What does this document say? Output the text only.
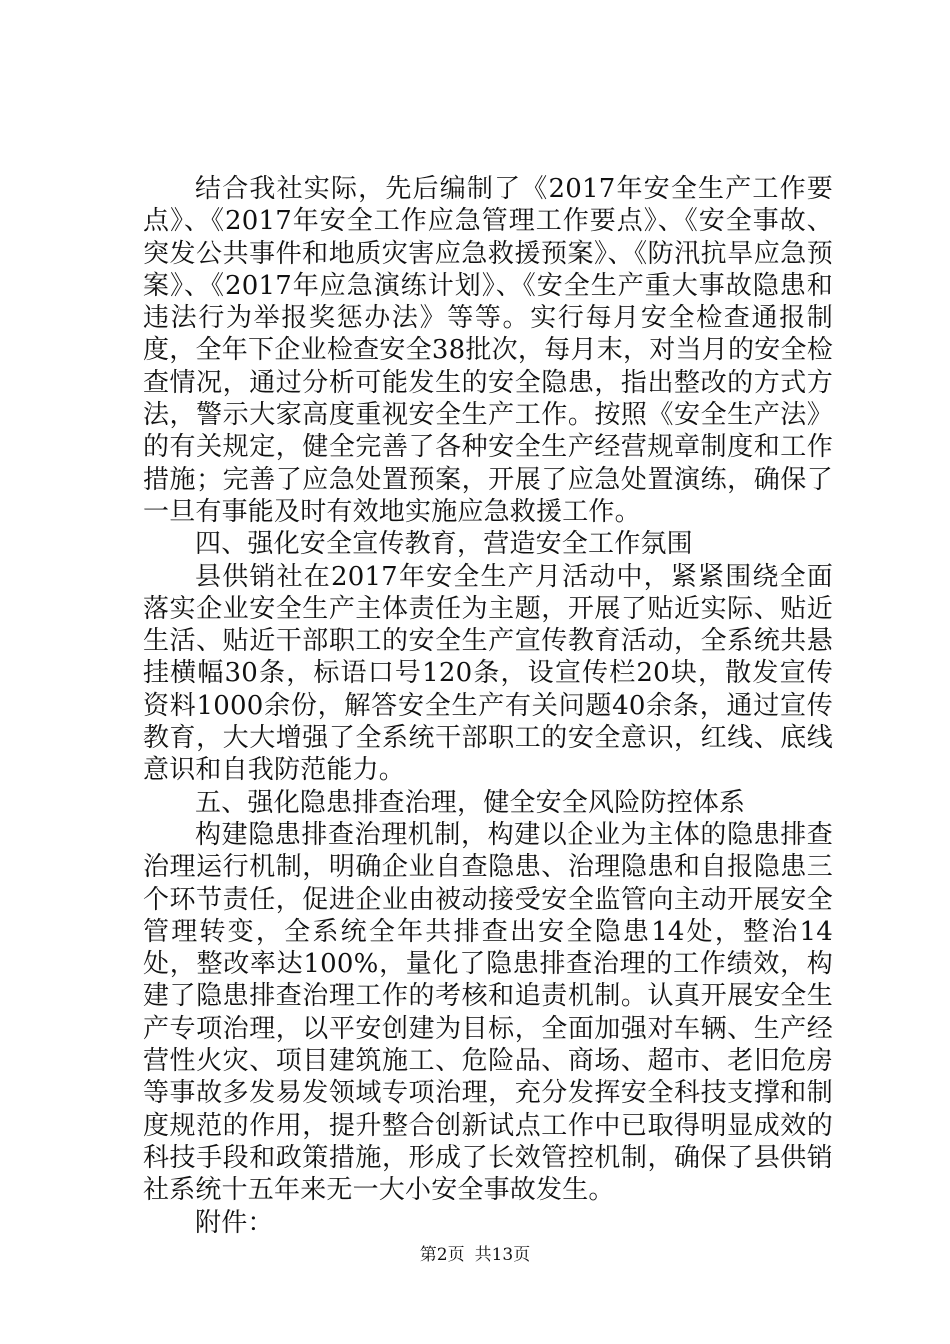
结合我社实际，先后编制了《2017年安全生产工作要点》、《2017年安全工作应急管理工作要点》、《安全事故、突发公共事件和地质灾害应急救援预案》、《防汛抗旱应急预案》、《2017年应急演练计划》、《安全生产重大事故隐患和违法行为举报奖惩办法》等等。实行每月安全检查通报制度，全年下企业检查安全38批次，每月末，对当月的安全检查情况，通过分析可能发生的安全隐患，指出整改的方式方法，警示大家高度重视安全生产工作。按照《安全生产法》的有关规定，健全完善了各种安全生产经营规章制度和工作措施；完善了应急处置预案，开展了应急处置演练，确保了一旦有事能及时有效地实施应急救援工作。

四、强化安全宣传教育，营造安全工作氛围

县供销社在2017年安全生产月活动中，紧紧围绕全面落实企业安全生产主体责任为主题，开展了贴近实际、贴近生活、贴近干部职工的安全生产宣传教育活动，全系统共悬挂横幅30条，标语口号120条，设宣传栏20块，散发宣传资料1000余份，解答安全生产有关问题40余条，通过宣传教育，大大增强了全系统干部职工的安全意识，红线、底线意识和自我防范能力。

五、强化隐患排查治理，健全安全风险防控体系

构建隐患排查治理机制，构建以企业为主体的隐患排查治理运行机制，明确企业自查隐患、治理隐患和自报隐患三个环节责任，促进企业由被动接受安全监管向主动开展安全管理转变，全系统全年共排查出安全隐患14处，整治14处，整改率达100%，量化了隐患排查治理的工作绩效，构建了隐患排查治理工作的考核和追责机制。认真开展安全生产专项治理，以平安创建为目标，全面加强对车辆、生产经营性火灾、项目建筑施工、危险品、商场、超市、老旧危房等事故多发易发领域专项治理，充分发挥安全科技支撑和制度规范的作用，提升整合创新试点工作中已取得明显成效的科技手段和政策措施，形成了长效管控机制，确保了县供销社系统十五年来无一大小安全事故发生。

附件：

第2页 共13页
